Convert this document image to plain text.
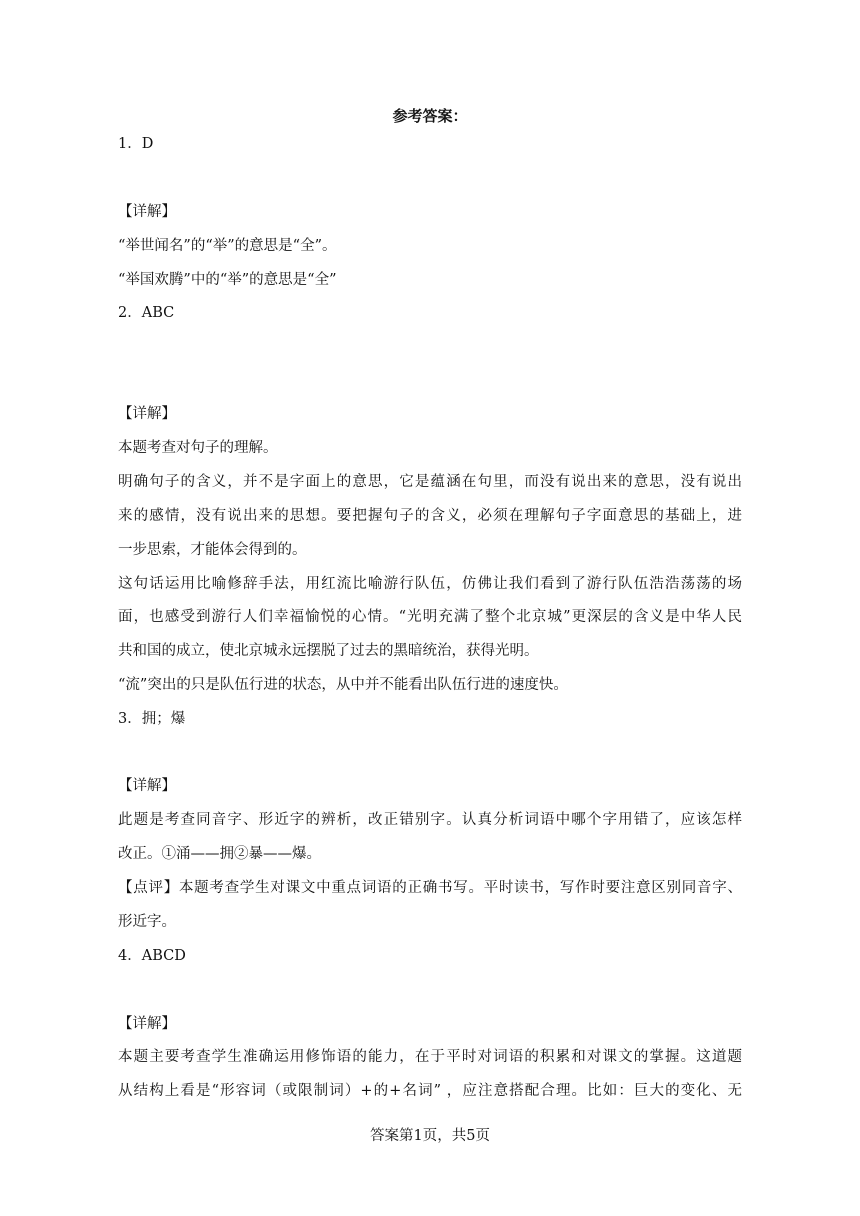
参考答案：
1．D
【详解】
“举世闻名”的“举”的意思是“全”。
“举国欢腾”中的“举”的意思是“全”
2．ABC
【详解】
本题考查对句子的理解。
明确句子的含义，并不是字面上的意思，它是蕴涵在句里，而没有说出来的意思，没有说出
来的感情，没有说出来的思想。要把握句子的含义，必须在理解句子字面意思的基础上，进
一步思索，才能体会得到的。
这句话运用比喻修辞手法，用红流比喻游行队伍，仿佛让我们看到了游行队伍浩浩荡荡的场
面，也感受到游行人们幸福愉悦的心情。“光明充满了整个北京城”更深层的含义是中华人民
共和国的成立，使北京城永远摆脱了过去的黑暗统治，获得光明。
“流”突出的只是队伍行进的状态，从中并不能看出队伍行进的速度快。
3．拥；爆
【详解】
此题是考查同音字、形近字的辨析，改正错别字。认真分析词语中哪个字用错了，应该怎样
改正。①涌——拥②暴——爆。
【点评】本题考查学生对课文中重点词语的正确书写。平时读书，写作时要注意区别同音字、
形近字。
4．ABCD
【详解】
本题主要考查学生准确运用修饰语的能力，在于平时对词语的积累和对课文的掌握。这道题
从结构上看是“形容词（或限制词）+的+名词” ，应注意搭配合理。比如：巨大的变化、无
答案第1页，共5页
